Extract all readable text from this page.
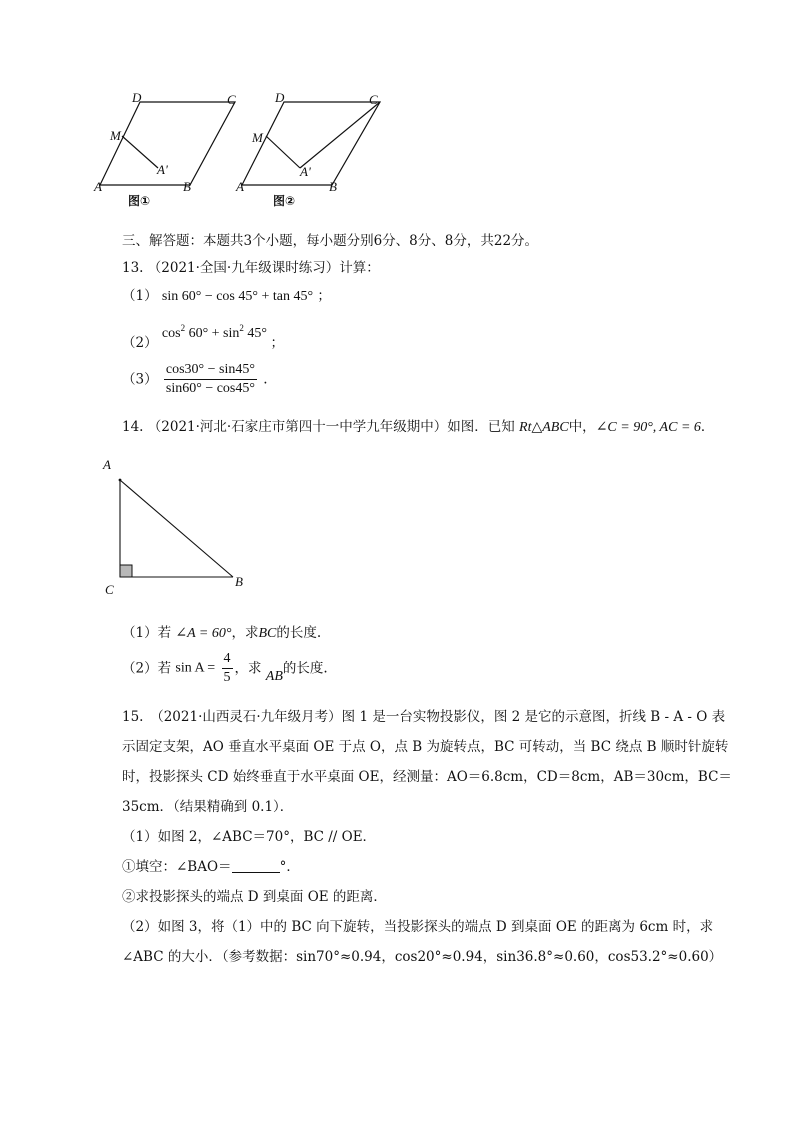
D	C
M
A'
A	B
图①
D	C
M
A'
A	B
图②
三、解答题：本题共3个小题，每小题分别6分、8分、8分，共22分。
13. （2021·全国·九年级课时练习）计算：
（1） sin 60° − cos 45° + tan 45° ；
（2） $\cos^2 60^\circ + \sin^2 45^\circ$ ；
$(3) \frac{\cos 30^\circ - \sin 45^\circ}{\sin 60^\circ - \cos 45^\circ}$ .
14. （2021·河北·石家庄市第四十一中学九年级期中）如图．已知 Rt△ABC中，∠C = 90°, AC = 6．
A
C
B
（1）若 ∠A = 60°，求BC的长度.
（2）若 $\sin A = \frac{4}{5}$ ，求 AB的长度.
15.　（2021·山西灵石·九年级月考）图 1 是一台实物投影仪，图 2 是它的示意图，折线 B - A - O 表
示固定支架，AO 垂直水平桌面 OE 于点 O，点 B 为旋转点，BC 可转动，当 BC 绕点 B 顺时针旋转
时，投影探头 CD 始终垂直于水平桌面 OE，经测量：AO＝6.8cm，CD＝8cm，AB＝30cm，BC＝
35cm．（结果精确到 0.1）．
（1）如图 2，∠ABC＝70°，BC // OE．
①填空：∠BAO＝	°．
②求投影探头的端点 D 到桌面 OE 的距离．
（2）如图 3，将（1）中的 BC 向下旋转，当投影探头的端点 D 到桌面 OE 的距离为 6cm 时，求
∠ABC 的大小．（参考数据：sin70°≈0.94，cos20°≈0.94，sin36.8°≈0.60，cos53.2°≈0.60）
